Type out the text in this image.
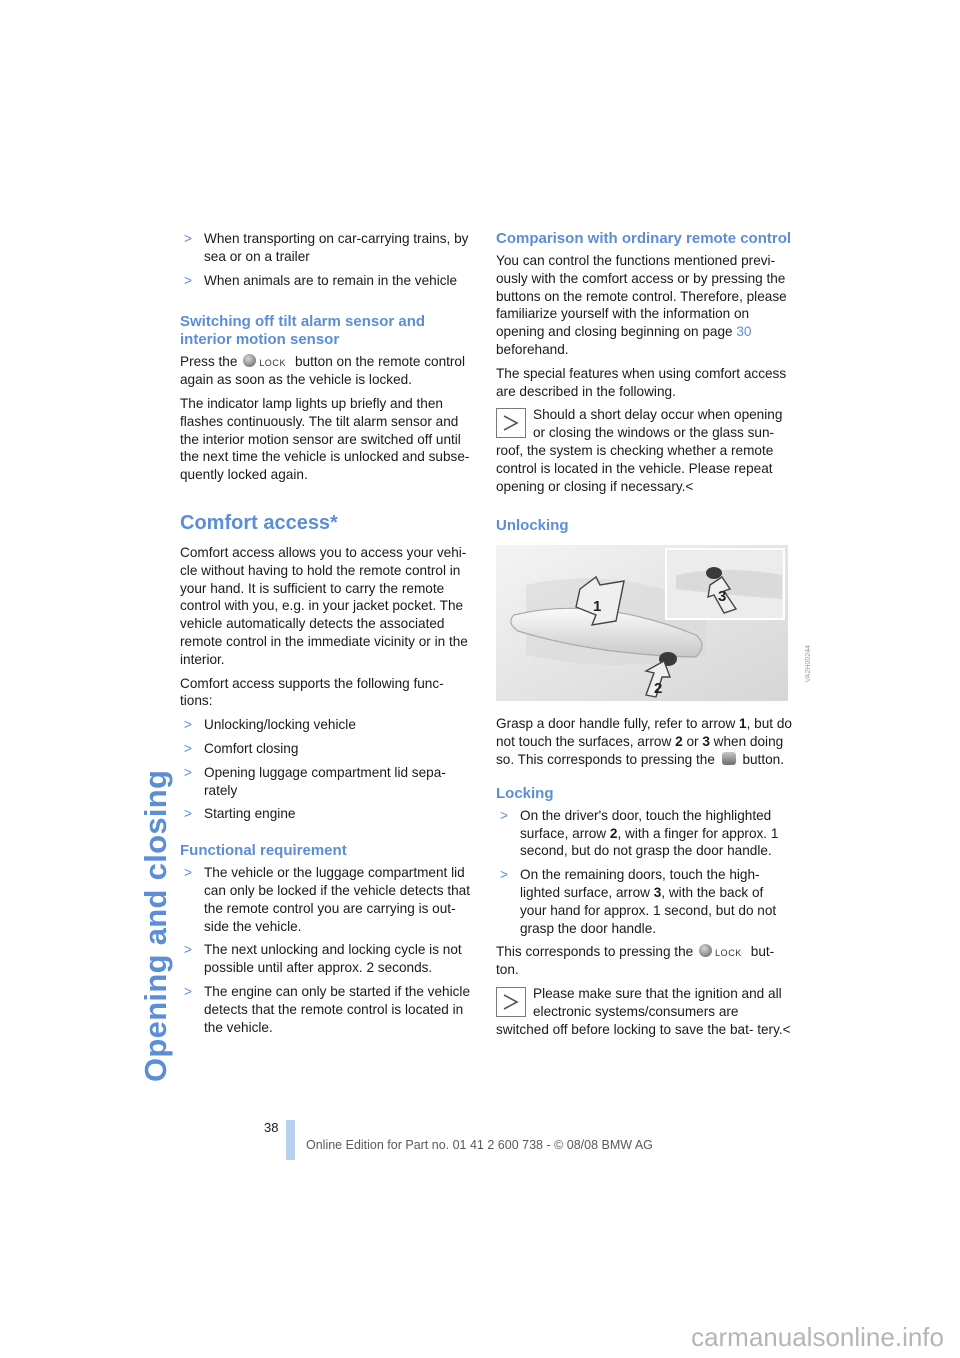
Opening and closing
> When transporting on car-carrying trains, by sea or on a trailer
> When animals are to remain in the vehicle
Switching off tilt alarm sensor and interior motion sensor

Press the LOCK button on the remote control again as soon as the vehicle is locked.

The indicator lamp lights up briefly and then flashes continuously. The tilt alarm sensor and the interior motion sensor are switched off until the next time the vehicle is unlocked and subse- quently locked again.

Comfort access*

Comfort access allows you to access your vehi- cle without having to hold the remote control in your hand. It is sufficient to carry the remote control with you, e.g. in your jacket pocket. The vehicle automatically detects the associated remote control in the immediate vicinity or in the interior.

Comfort access supports the following func- tions:

> Unlocking/locking vehicle
> Comfort closing
> Opening luggage compartment lid sepa- rately
> Starting engine
Functional requirement
> The vehicle or the luggage compartment lid can only be locked if the vehicle detects that the remote control you are carrying is out- side the vehicle.
> The next unlocking and locking cycle is not possible until after approx. 2 seconds.
> The engine can only be started if the vehicle detects that the remote control is located in the vehicle.
Comparison with ordinary remote control

You can control the functions mentioned previ- ously with the comfort access or by pressing the buttons on the remote control. Therefore, please familiarize yourself with the information on opening and closing beginning on page 30 beforehand.

The special features when using comfort access are described in the following.

Should a short delay occur when opening or closing the windows or the glass sun- roof, the system is checking whether a remote control is located in the vehicle. Please repeat opening or closing if necessary.<
Unlocking
1
2
3
VA2H00244

Grasp a door handle fully, refer to arrow 1, but do not touch the surfaces, arrow 2 or 3 when doing so. This corresponds to pressing the button.

Locking
> On the driver's door, touch the highlighted surface, arrow 2, with a finger for approx. 1 second, but do not grasp the door handle.
> On the remaining doors, touch the high- lighted surface, arrow 3, with the back of your hand for approx. 1 second, but do not grasp the door handle.

This corresponds to pressing the LOCK but- ton.

Please make sure that the ignition and all electronic systems/consumers are switched off before locking to save the bat- tery.<
38
Online Edition for Part no. 01 41 2 600 738 - © 08/08 BMW AG
carmanualsonline.info
